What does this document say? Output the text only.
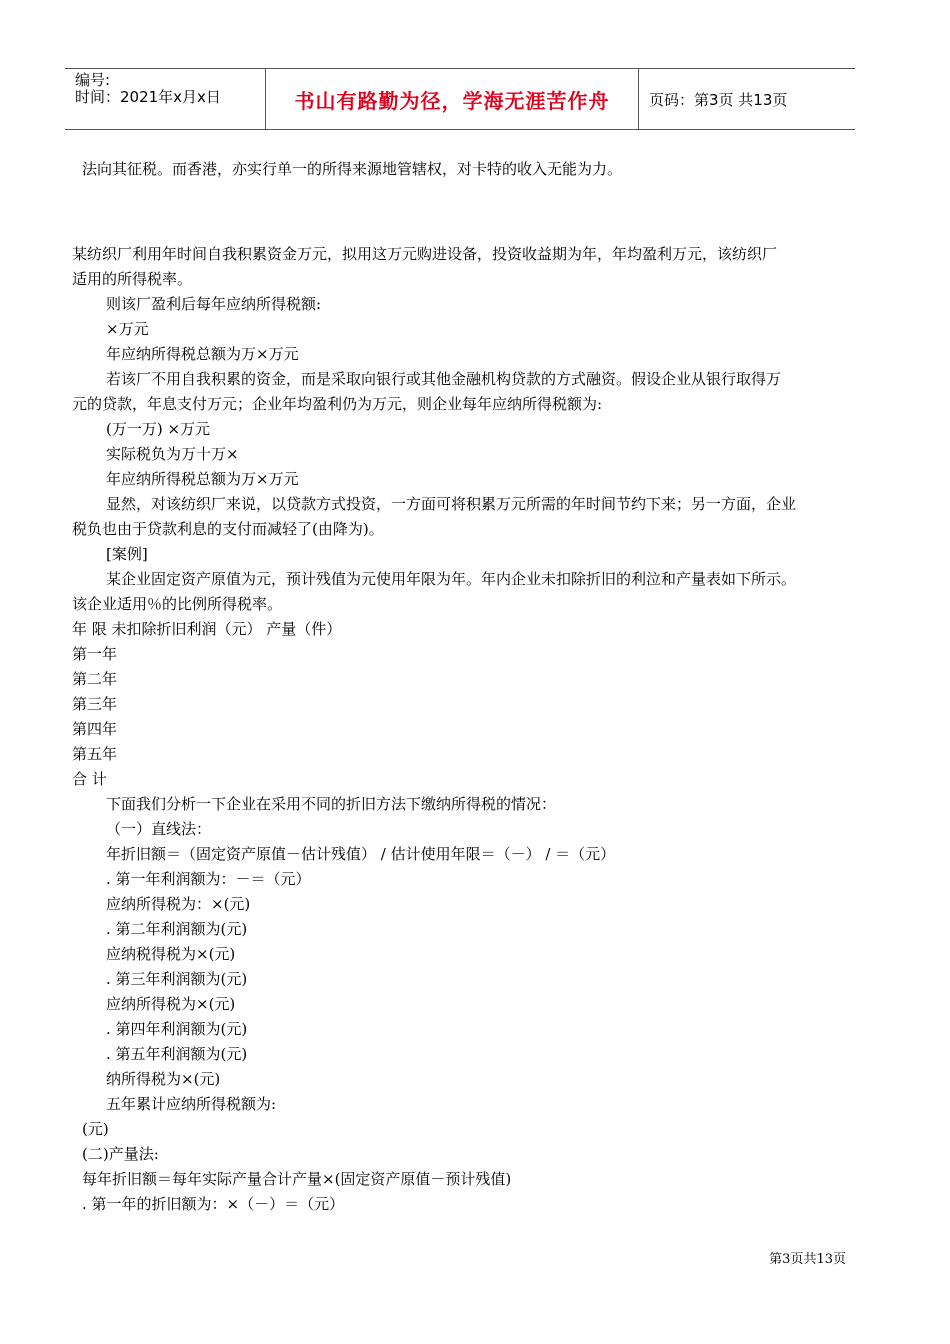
编号:
时间：2021年x月x日	书山有路勤为径，学海无涯苦作舟	页码：第3页 共13页
法向其征税。而香港，亦实行单一的所得来源地管辖权，对卡特的收入无能为力。
某纺织厂利用年时间自我积累资金万元，拟用这万元购进设备，投资收益期为年，年均盈利万元，该纺织厂
适用的所得税率。
则该厂盈利后每年应纳所得税额:
×万元
年应纳所得税总额为万×万元
若该厂不用自我积累的资金，而是采取向银行或其他金融机构贷款的方式融资。假设企业从银行取得万
元的贷款，年息支付万元；企业年均盈利仍为万元，则企业每年应纳所得税额为:
(万一万) ×万元
实际税负为万十万×
年应纳所得税总额为万×万元
显然，对该纺织厂来说，以贷款方式投资，一方面可将积累万元所需的年时间节约下来；另一方面，企业
税负也由于贷款利息的支付而减轻了(由降为)。
[案例]
某企业固定资产原值为元，预计残值为元使用年限为年。年内企业未扣除折旧的利泣和产量表如下所示。
该企业适用％的比例所得税率。
年 限 未扣除折旧利润（元） 产量（件）
第一年
第二年
第三年
第四年
第五年
合 计
下面我们分析一下企业在采用不同的折旧方法下缴纳所得税的情况：
（一）直线法：
年折旧额＝（固定资产原值－估计残值） / 估计使用年限＝（－） / ＝（元）
. 第一年利润额为：－＝（元）
应纳所得税为：×(元)
. 第二年利润额为(元)
应纳税得税为×(元)
. 第三年利润额为(元)
应纳所得税为×(元)
. 第四年利润额为(元)
. 第五年利润额为(元)
纳所得税为×(元)
五年累计应纳所得税额为:
(元)
(二)产量法:
每年折旧额＝每年实际产量合计产量×(固定资产原值－预计残值)
. 第一年的折旧额为：×（－）＝（元）
第3页共13页
